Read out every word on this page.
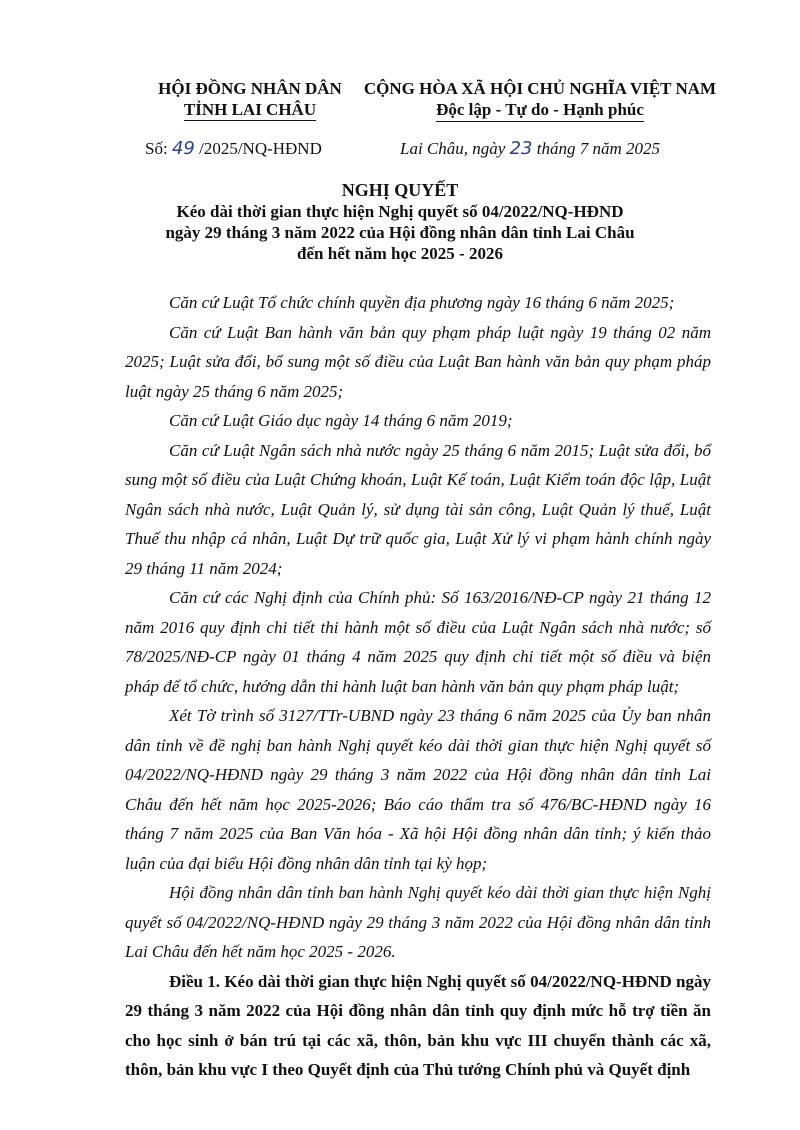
HỘI ĐỒNG NHÂN DÂN
TỈNH LAI CHÂU
CỘNG HÒA XÃ HỘI CHỦ NGHĨA VIỆT NAM
Độc lập - Tự do - Hạnh phúc
Số: 49 /2025/NQ-HĐND	Lai Châu, ngày 23 tháng 7 năm 2025
NGHỊ QUYẾT
Kéo dài thời gian thực hiện Nghị quyết số 04/2022/NQ-HĐND
ngày 29 tháng 3 năm 2022 của Hội đồng nhân dân tỉnh Lai Châu
đến hết năm học 2025 - 2026

Căn cứ Luật Tổ chức chính quyền địa phương ngày 16 tháng 6 năm 2025;

Căn cứ Luật Ban hành văn bản quy phạm pháp luật ngày 19 tháng 02 năm 2025; Luật sửa đổi, bổ sung một số điều của Luật Ban hành văn bản quy phạm pháp luật ngày 25 tháng 6 năm 2025;

Căn cứ Luật Giáo dục ngày 14 tháng 6 năm 2019;

Căn cứ Luật Ngân sách nhà nước ngày 25 tháng 6 năm 2015; Luật sửa đổi, bổ sung một số điều của Luật Chứng khoán, Luật Kế toán, Luật Kiểm toán độc lập, Luật Ngân sách nhà nước, Luật Quản lý, sử dụng tài sản công, Luật Quản lý thuế, Luật Thuế thu nhập cá nhân, Luật Dự trữ quốc gia, Luật Xử lý vi phạm hành chính ngày 29 tháng 11 năm 2024;

Căn cứ các Nghị định của Chính phủ: Số 163/2016/NĐ-CP ngày 21 tháng 12 năm 2016 quy định chi tiết thi hành một số điều của Luật Ngân sách nhà nước; số 78/2025/NĐ-CP ngày 01 tháng 4 năm 2025 quy định chi tiết một số điều và biện pháp để tổ chức, hướng dẫn thi hành luật ban hành văn bản quy phạm pháp luật;

Xét Tờ trình số 3127/TTr-UBND ngày 23 tháng 6 năm 2025 của Ủy ban nhân dân tỉnh về đề nghị ban hành Nghị quyết kéo dài thời gian thực hiện Nghị quyết số 04/2022/NQ-HĐND ngày 29 tháng 3 năm 2022 của Hội đồng nhân dân tỉnh Lai Châu đến hết năm học 2025-2026; Báo cáo thẩm tra số 476/BC-HĐND ngày 16 tháng 7 năm 2025 của Ban Văn hóa - Xã hội Hội đồng nhân dân tỉnh; ý kiến thảo luận của đại biểu Hội đồng nhân dân tỉnh tại kỳ họp;

Hội đồng nhân dân tỉnh ban hành Nghị quyết kéo dài thời gian thực hiện Nghị quyết số 04/2022/NQ-HĐND ngày 29 tháng 3 năm 2022 của Hội đồng nhân dân tỉnh Lai Châu đến hết năm học 2025 - 2026.

Điều 1. Kéo dài thời gian thực hiện Nghị quyết số 04/2022/NQ-HĐND ngày 29 tháng 3 năm 2022 của Hội đồng nhân dân tỉnh quy định mức hỗ trợ tiền ăn cho học sinh ở bán trú tại các xã, thôn, bản khu vực III chuyển thành các xã, thôn, bản khu vực I theo Quyết định của Thủ tướng Chính phủ và Quyết định
